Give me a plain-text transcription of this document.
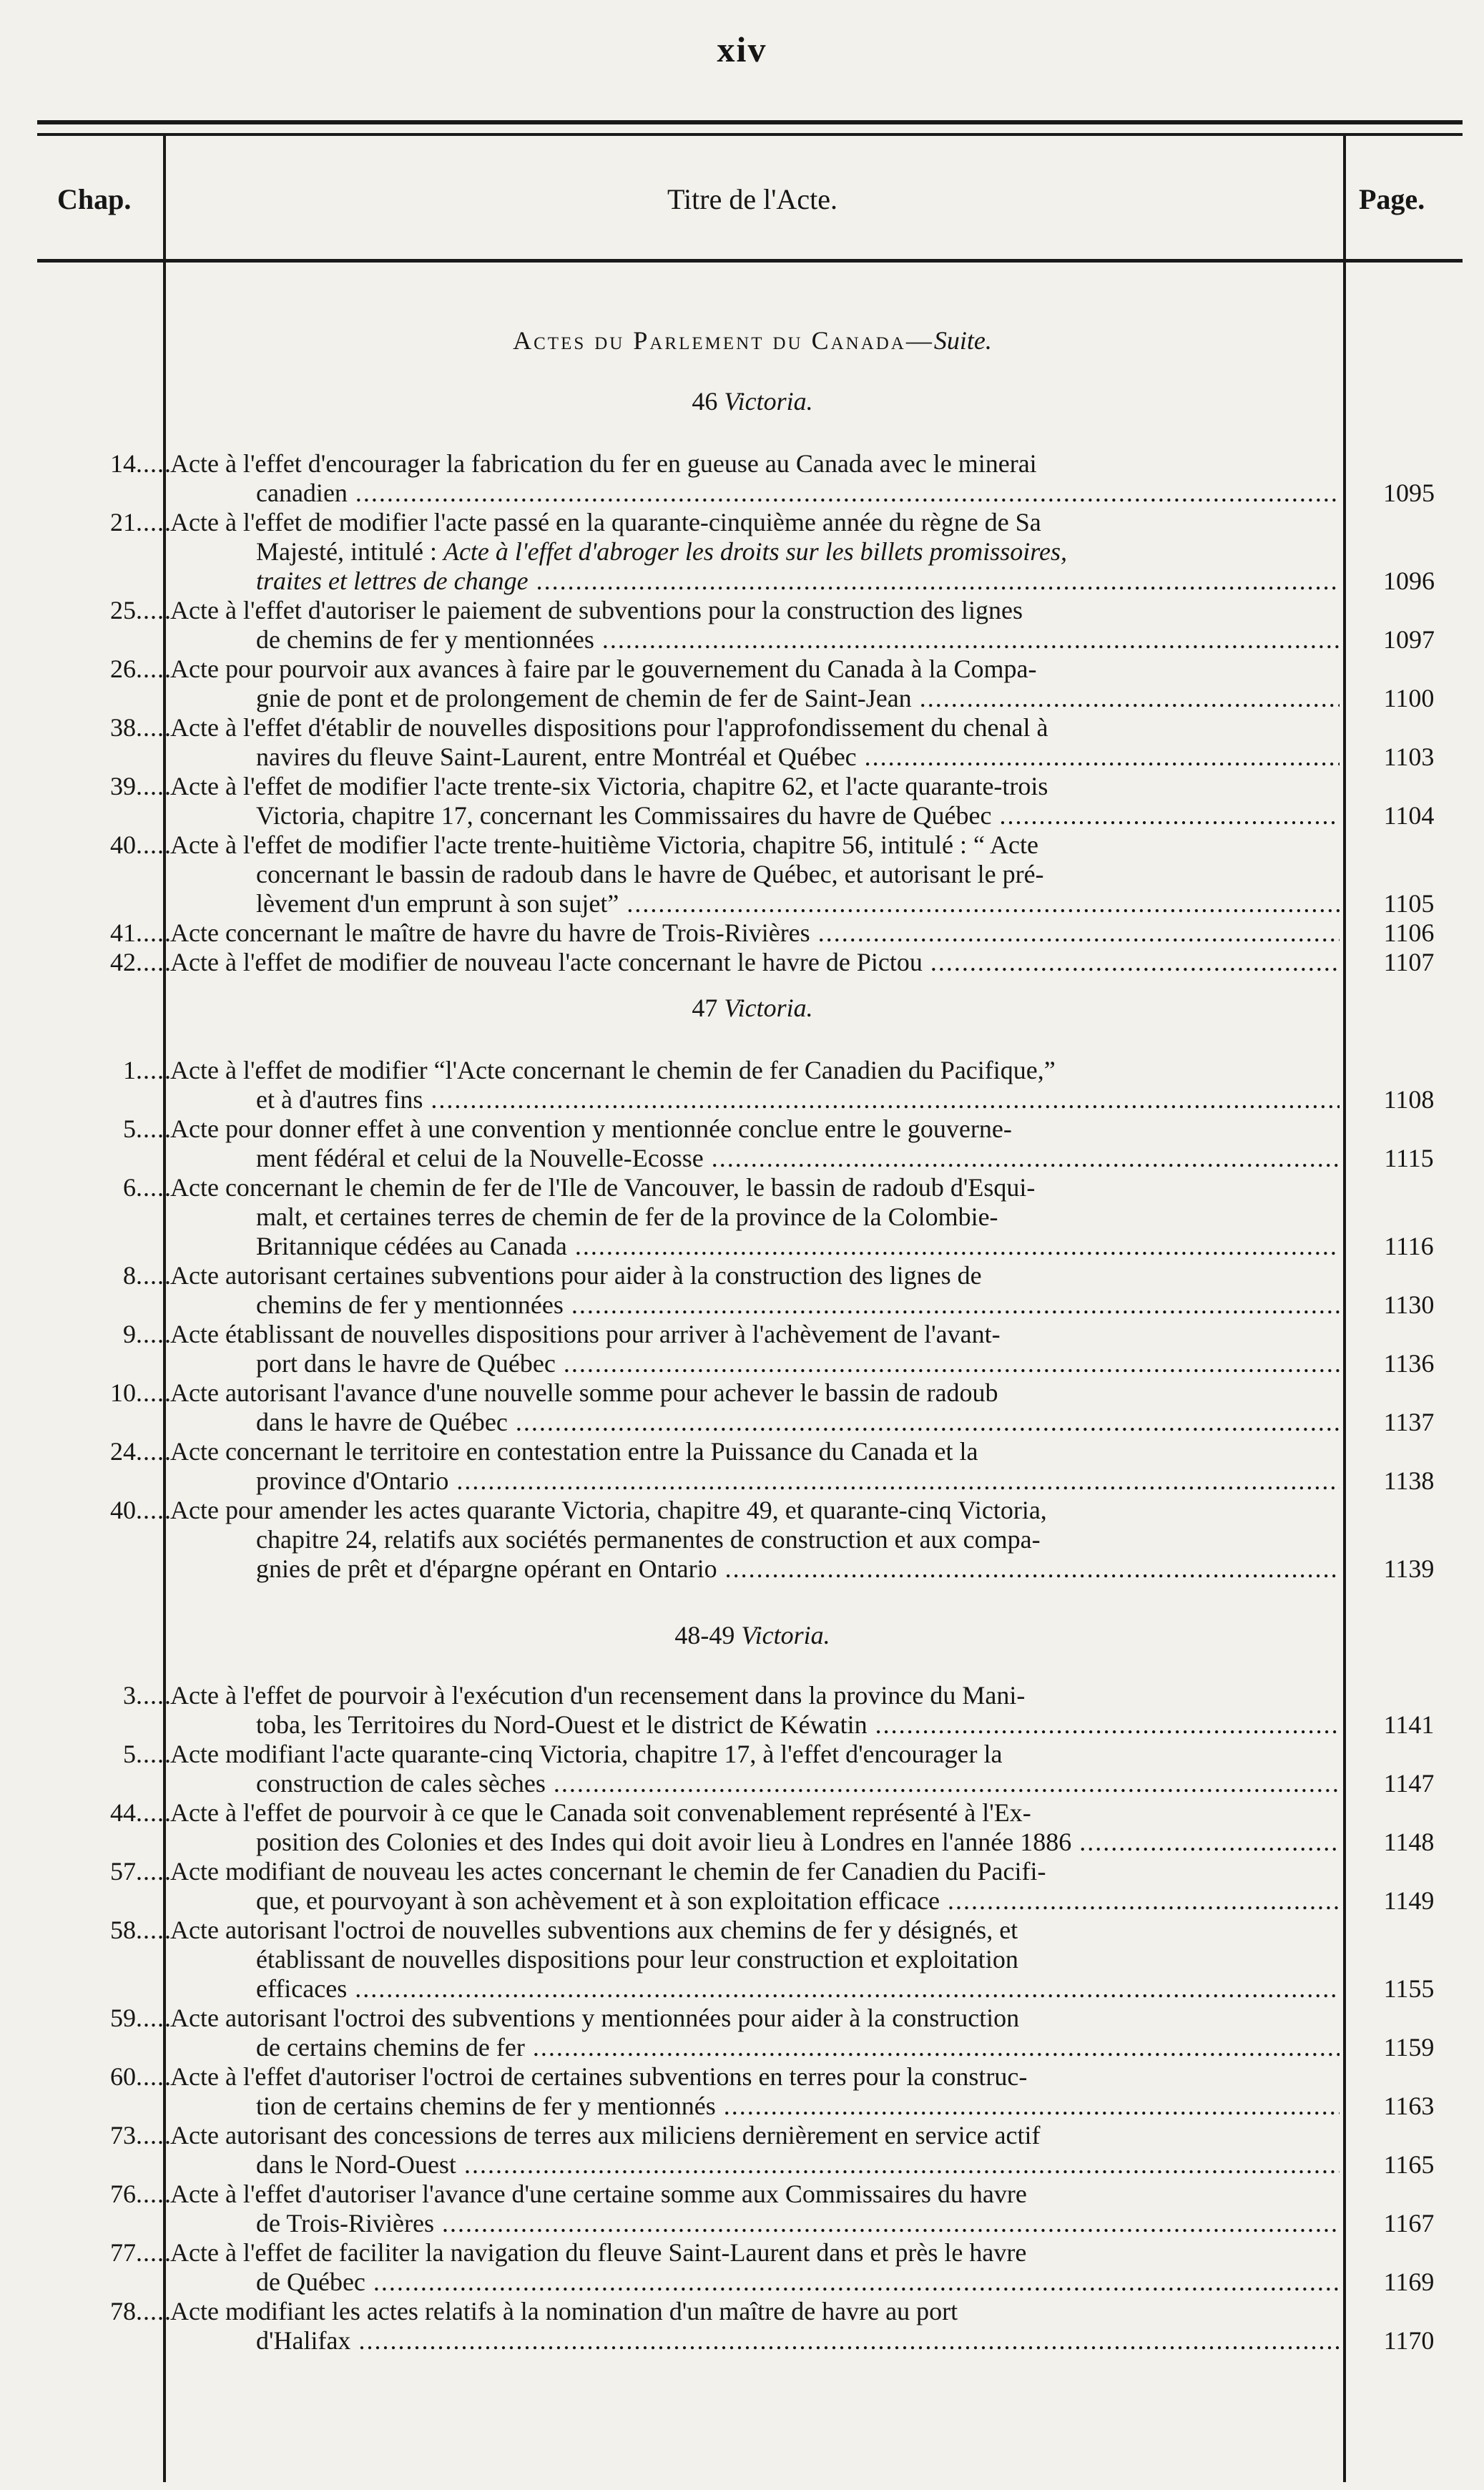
xiv
Chap.	Titre de l'Acte.	Page.
Actes du Parlement du Canada—Suite.
46 Victoria.
14 .....	Acte à l'effet d'encourager la fabrication du fer en gueuse au Canada avec le minerai
canadien .....	1095
21 .....	Acte à l'effet de modifier l'acte passé en la quarante-cinquième année du règne de Sa
Majesté, intitulé : Acte à l'effet d'abroger les droits sur les billets promissoires,
traites et lettres de change .....	1096
25 .....	Acte à l'effet d'autoriser le paiement de subventions pour la construction des lignes
de chemins de fer y mentionnées .....	1097
26 .....	Acte pour pourvoir aux avances à faire par le gouvernement du Canada à la Compa-
gnie de pont et de prolongement de chemin de fer de Saint-Jean .....	1100
38 .....	Acte à l'effet d'établir de nouvelles dispositions pour l'approfondissement du chenal à
navires du fleuve Saint-Laurent, entre Montréal et Québec .....	1103
39 .....	Acte à l'effet de modifier l'acte trente-six Victoria, chapitre 62, et l'acte quarante-trois
Victoria, chapitre 17, concernant les Commissaires du havre de Québec .....	1104
40 .....	Acte à l'effet de modifier l'acte trente-huitième Victoria, chapitre 56, intitulé : “ Acte
concernant le bassin de radoub dans le havre de Québec, et autorisant le pré-
lèvement d'un emprunt à son sujet” .....	1105
41 .....	Acte concernant le maître de havre du havre de Trois-Rivières .....	1106
42 .....	Acte à l'effet de modifier de nouveau l'acte concernant le havre de Pictou .....	1107
47 Victoria.
1 .....	Acte à l'effet de modifier “l'Acte concernant le chemin de fer Canadien du Pacifique,”
et à d'autres fins .....	1108
5 .....	Acte pour donner effet à une convention y mentionnée conclue entre le gouverne-
ment fédéral et celui de la Nouvelle-Ecosse .....	1115
6 .....	Acte concernant le chemin de fer de l'Ile de Vancouver, le bassin de radoub d'Esqui-
malt, et certaines terres de chemin de fer de la province de la Colombie-
Britannique cédées au Canada .....	1116
8 .....	Acte autorisant certaines subventions pour aider à la construction des lignes de
chemins de fer y mentionnées .....	1130
9 .....	Acte établissant de nouvelles dispositions pour arriver à l'achèvement de l'avant-
port dans le havre de Québec .....	1136
10 .....	Acte autorisant l'avance d'une nouvelle somme pour achever le bassin de radoub
dans le havre de Québec .....	1137
24 .....	Acte concernant le territoire en contestation entre la Puissance du Canada et la
province d'Ontario .....	1138
40 .....	Acte pour amender les actes quarante Victoria, chapitre 49, et quarante-cinq Victoria,
chapitre 24, relatifs aux sociétés permanentes de construction et aux compa-
gnies de prêt et d'épargne opérant en Ontario .....	1139
48-49 Victoria.
3 .....	Acte à l'effet de pourvoir à l'exécution d'un recensement dans la province du Mani-
toba, les Territoires du Nord-Ouest et le district de Kéwatin .....	1141
5 .....	Acte modifiant l'acte quarante-cinq Victoria, chapitre 17, à l'effet d'encourager la
construction de cales sèches .....	1147
44 .....	Acte à l'effet de pourvoir à ce que le Canada soit convenablement représenté à l'Ex-
position des Colonies et des Indes qui doit avoir lieu à Londres en l'année 1886 .....	1148
57 .....	Acte modifiant de nouveau les actes concernant le chemin de fer Canadien du Pacifi-
que, et pourvoyant à son achèvement et à son exploitation efficace .....	1149
58 .....	Acte autorisant l'octroi de nouvelles subventions aux chemins de fer y désignés, et
établissant de nouvelles dispositions pour leur construction et exploitation
efficaces .....	1155
59 .....	Acte autorisant l'octroi des subventions y mentionnées pour aider à la construction
de certains chemins de fer .....	1159
60 .....	Acte à l'effet d'autoriser l'octroi de certaines subventions en terres pour la construc-
tion de certains chemins de fer y mentionnés .....	1163
73 .....	Acte autorisant des concessions de terres aux miliciens dernièrement en service actif
dans le Nord-Ouest .....	1165
76 .....	Acte à l'effet d'autoriser l'avance d'une certaine somme aux Commissaires du havre
de Trois-Rivières .....	1167
77 .....	Acte à l'effet de faciliter la navigation du fleuve Saint-Laurent dans et près le havre
de Québec .....	1169
78 .....	Acte modifiant les actes relatifs à la nomination d'un maître de havre au port
d'Halifax .....	1170
